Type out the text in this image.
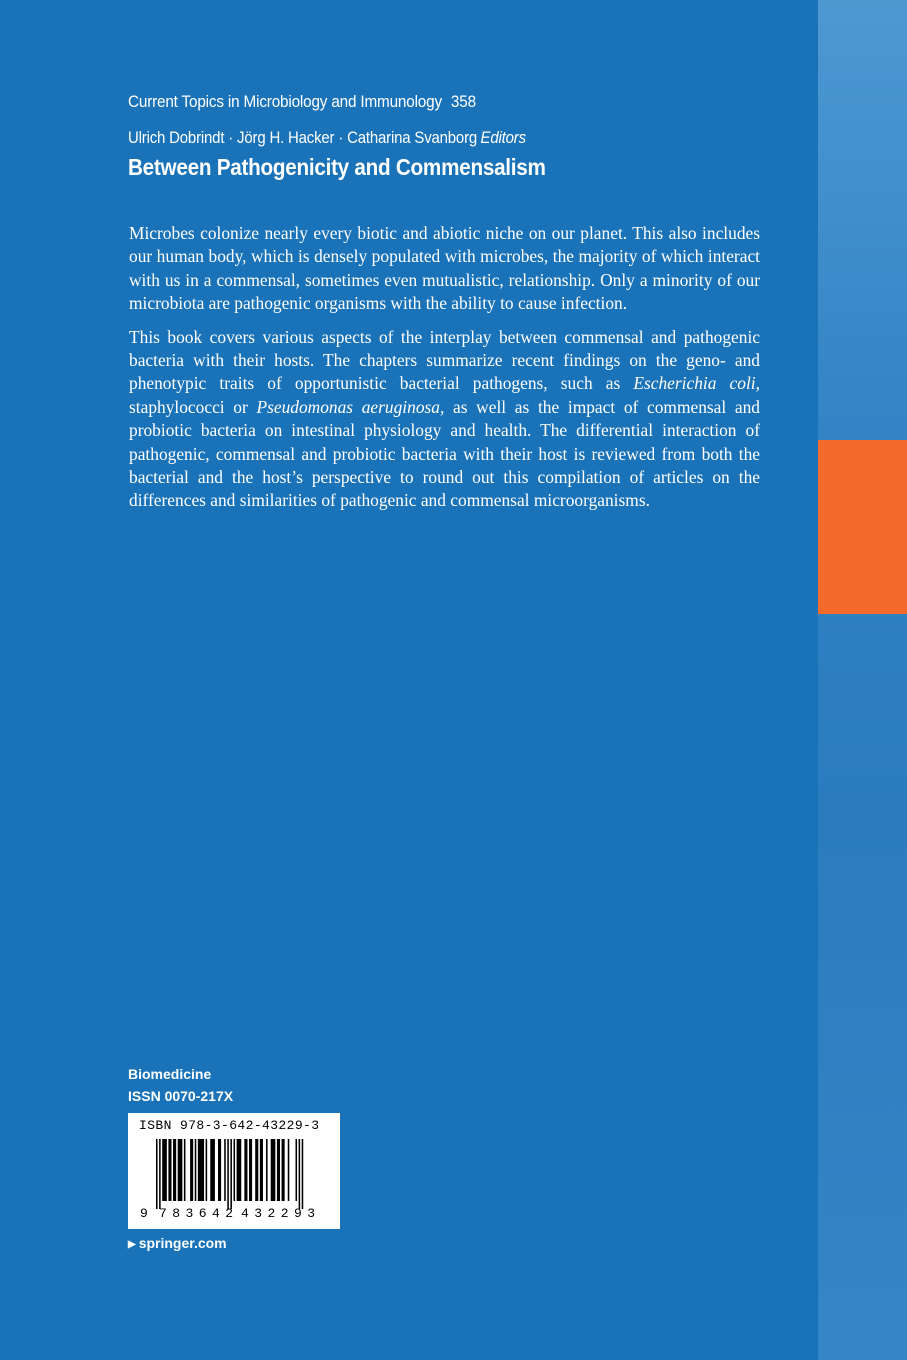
Current Topics in Microbiology and Immunology 358
Ulrich Dobrindt · Jörg H. Hacker · Catharina Svanborg Editors
Between Pathogenicity and Commensalism

Microbes colonize nearly every biotic and abiotic niche on our planet. This also includes our human body, which is densely populated with microbes, the majority of which interact with us in a commensal, sometimes even mutualistic, relationship. Only a minority of our microbiota are pathogenic organisms with the ability to cause infection.

This book covers various aspects of the interplay between commensal and pathogenic bacteria with their hosts. The chapters summarize recent findings on the geno- and phenotypic traits of opportunistic bacterial pathogens, such as Escherichia coli, staphylococci or Pseudomonas aeruginosa, as well as the impact of commensal and probiotic bacteria on intestinal physiology and health. The differential interaction of pathogenic, commensal and probiotic bacteria with their host is reviewed from both the bacterial and the host’s perspective to round out this compilation of articles on the differences and similarities of pathogenic and commensal microorganisms.

Biomedicine
ISSN 0070-217X
9 783642 432293
ISBN 978-3-642-43229-3
▶ springer.com
